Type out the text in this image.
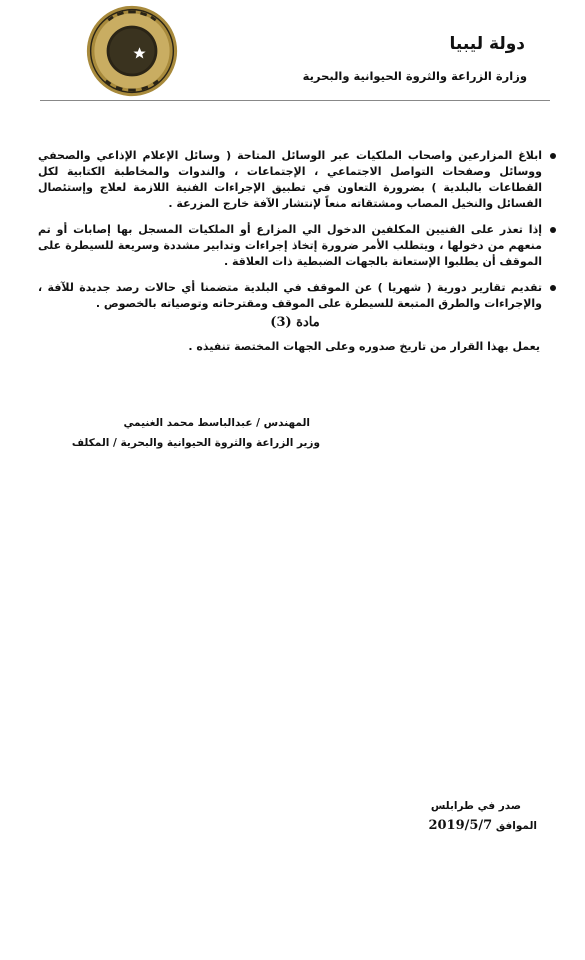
دولة ليبيا
وزارة الزراعة والثروة الحيوانية والبحرية
ابلاغ المزارعين واصحاب الملكيات عبر الوسائل المتاحة ( وسائل الإعلام الإذاعي والصحفي ووسائل وصفحات التواصل الاجتماعي ، الإجتماعات ، والندوات والمخاطبة الكتابية لكل القطاعات بالبلدية ) بضرورة التعاون في تطبيق الإجراءات الفنية اللازمة لعلاج وإستئصال الفسائل والنخيل المصاب ومشتقاته منعاً لإنتشار الآفة خارج المزرعة .
إذا تعذر على الفنيين المكلفين الدخول الي المزارع أو الملكيات المسجل بها إصابات أو تم منعهم من دخولها ، ويتطلب الأمر ضرورة إتخاذ إجراءات وتدابير مشددة وسريعة للسيطرة على الموقف أن يطلبوا الإستعانة بالجهات الضبطية ذات العلاقة .
تقديم تقارير دورية ( شهريا ) عن الموقف في البلدية متضمنا أي حالات رصد جديدة للآفة ، والإجراءات والطرق المتبعة للسيطرة على الموقف ومقترحاته وتوصياته بالخصوص .
مادة (3)
يعمل بهذا القرار من تاريخ صدوره وعلى الجهات المختصة تنفيذه .
المهندس / عبدالباسط محمد الغنيمي
وزير الزراعة والثروة الحيوانية والبحرية / المكلف
صدر في طرابلس
الموافق 2019/5/7
